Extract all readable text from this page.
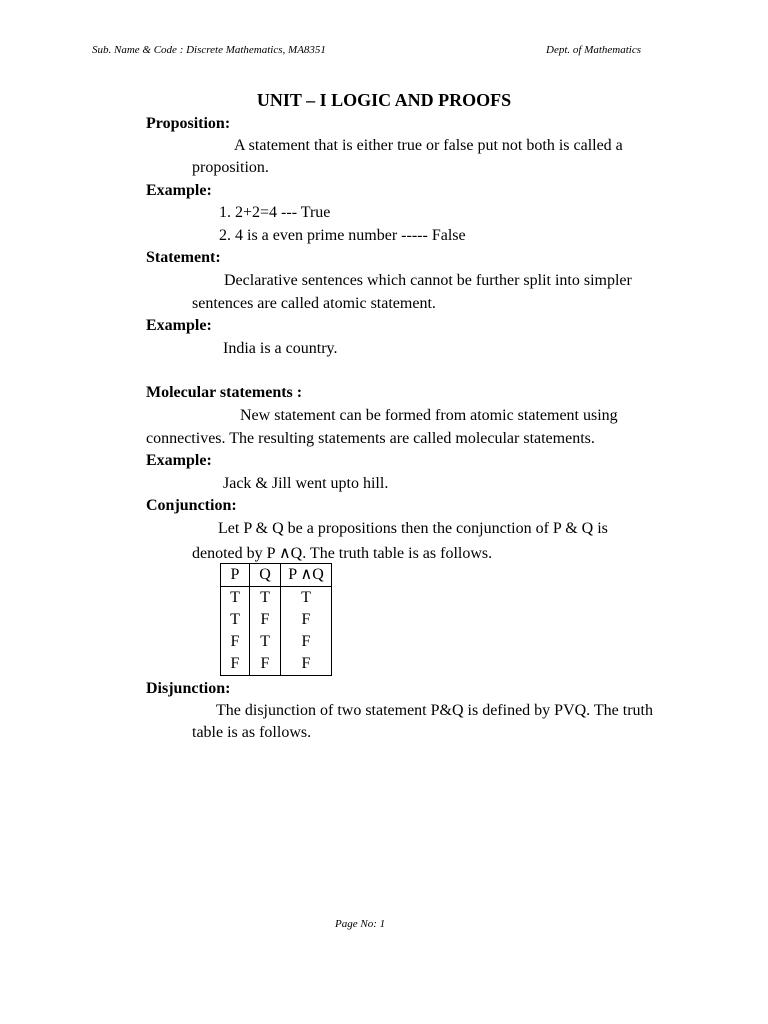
Sub. Name & Code : Discrete Mathematics, MA8351	Dept. of Mathematics
UNIT – I LOGIC AND PROOFS
Proposition:
A statement that is either true or false put not both is called a
proposition.
Example:
1. 2+2=4 --- True
2. 4 is a even prime number ----- False
Statement:
Declarative sentences which cannot be further split into simpler
sentences are called atomic statement.
Example:
India is a country.
Molecular statements :
New statement can be formed from atomic statement using
connectives. The resulting statements are called molecular statements.
Example:
Jack & Jill went upto hill.
Conjunction:
Let P & Q be a propositions then the conjunction of P & Q is
denoted by P ∧Q. The truth table is as follows.
P	Q	P ∧Q
T	T	T
T	F	F
F	T	F
F	F	F
Disjunction:
The disjunction of two statement P&Q is defined by PVQ. The truth
table is as follows.
Page No: 1
